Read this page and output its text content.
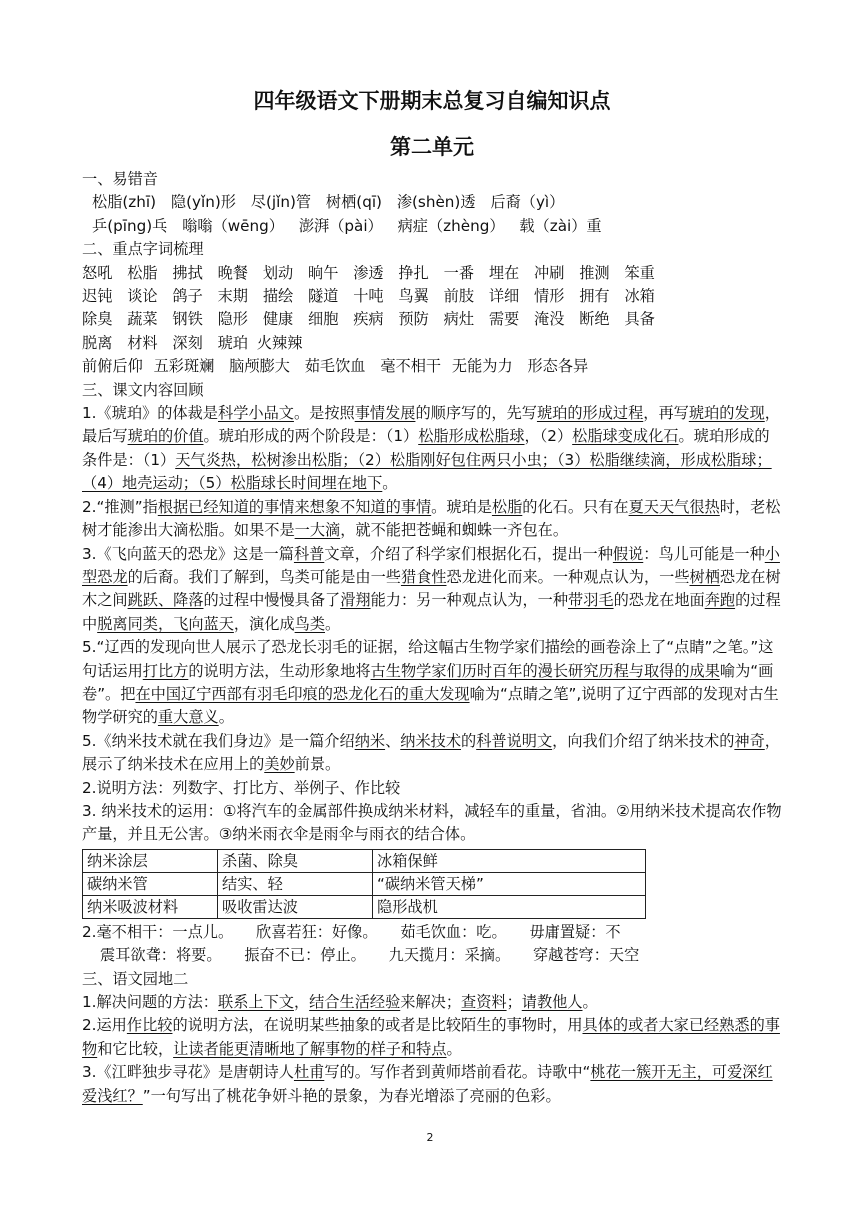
四年级语文下册期末总复习自编知识点
第二单元
一、易错音
松脂(zhī) 隐(yǐn)形 尽(jǐn)管 树栖(qī) 渗(shèn)透 后裔（yì）
乒(pīng)乓 嗡嗡（wēng） 澎湃（pài） 病症（zhèng） 载（zài）重
二、重点字词梳理
怒吼 松脂 拂拭 晚餐 划动 晌午 渗透 挣扎 一番 埋在 冲刷 推测 笨重
迟钝 谈论 鸽子 末期 描绘 隧道 十吨 鸟翼 前肢 详细 情形 拥有 冰箱
除臭 蔬菜 钢铁 隐形 健康 细胞 疾病 预防 病灶 需要 淹没 断绝 具备
脱离 材料 深刻 琥珀 火辣辣
前俯后仰 五彩斑斓 脑颅膨大 茹毛饮血 毫不相干 无能为力 形态各异
三、课文内容回顾
1.《琥珀》的体裁是科学小品文。是按照事情发展的顺序写的，先写琥珀的形成过程，再写琥珀的发现，最后写琥珀的价值。琥珀形成的两个阶段是：（1）松脂形成松脂球，（2）松脂球变成化石。琥珀形成的条件是：（1）天气炎热，松树渗出松脂；（2）松脂刚好包住两只小虫；（3）松脂继续滴，形成松脂球；（4）地壳运动；（5）松脂球长时间埋在地下。
2.“推测”指根据已经知道的事情来想象不知道的事情。琥珀是松脂的化石。只有在夏天天气很热时，老松树才能渗出大滴松脂。如果不是一大滴，就不能把苍蝇和蜘蛛一齐包在。
3.《飞向蓝天的恐龙》这是一篇科普文章，介绍了科学家们根据化石，提出一种假说：鸟儿可能是一种小型恐龙的后裔。我们了解到，鸟类可能是由一些猎食性恐龙进化而来。一种观点认为，一些树栖恐龙在树木之间跳跃、降落的过程中慢慢具备了滑翔能力：另一种观点认为，一种带羽毛的恐龙在地面奔跑的过程中脱离同类，飞向蓝天，演化成鸟类。
5.“辽西的发现向世人展示了恐龙长羽毛的证据，给这幅古生物学家们描绘的画卷涂上了“点睛”之笔。”这句话运用打比方的说明方法，生动形象地将古生物学家们历时百年的漫长研究历程与取得的成果喻为“画卷”。把在中国辽宁西部有羽毛印痕的恐龙化石的重大发现喻为“点睛之笔”,说明了辽宁西部的发现对古生物学研究的重大意义。
5.《纳米技术就在我们身边》是一篇介绍纳米、纳米技术的科普说明文，向我们介绍了纳米技术的神奇，展示了纳米技术在应用上的美妙前景。
2.说明方法：列数字、打比方、举例子、作比较
3. 纳米技术的运用：①将汽车的金属部件换成纳米材料，减轻车的重量，省油。②用纳米技术提高农作物产量，并且无公害。③纳米雨衣伞是雨伞与雨衣的结合体。
纳米涂层	杀菌、除臭	冰箱保鲜
碳纳米管	结实、轻	“碳纳米管天梯”
纳米吸波材料	吸收雷达波	隐形战机
2.毫不相干：一点儿。 欣喜若狂：好像。 茹毛饮血：吃。 毋庸置疑：不
震耳欲聋：将要。 振奋不已：停止。 九天揽月：采摘。 穿越苍穹：天空
三、语文园地二
1.解决问题的方法：联系上下文，结合生活经验来解决；查资料；请教他人。
2.运用作比较的说明方法，在说明某些抽象的或者是比较陌生的事物时，用具体的或者大家已经熟悉的事物和它比较，让读者能更清晰地了解事物的样子和特点。
3.《江畔独步寻花》是唐朝诗人杜甫写的。写作者到黄师塔前看花。诗歌中“桃花一簇开无主，可爱深红爱浅红？”一句写出了桃花争妍斗艳的景象，为春光增添了亮丽的色彩。
2
